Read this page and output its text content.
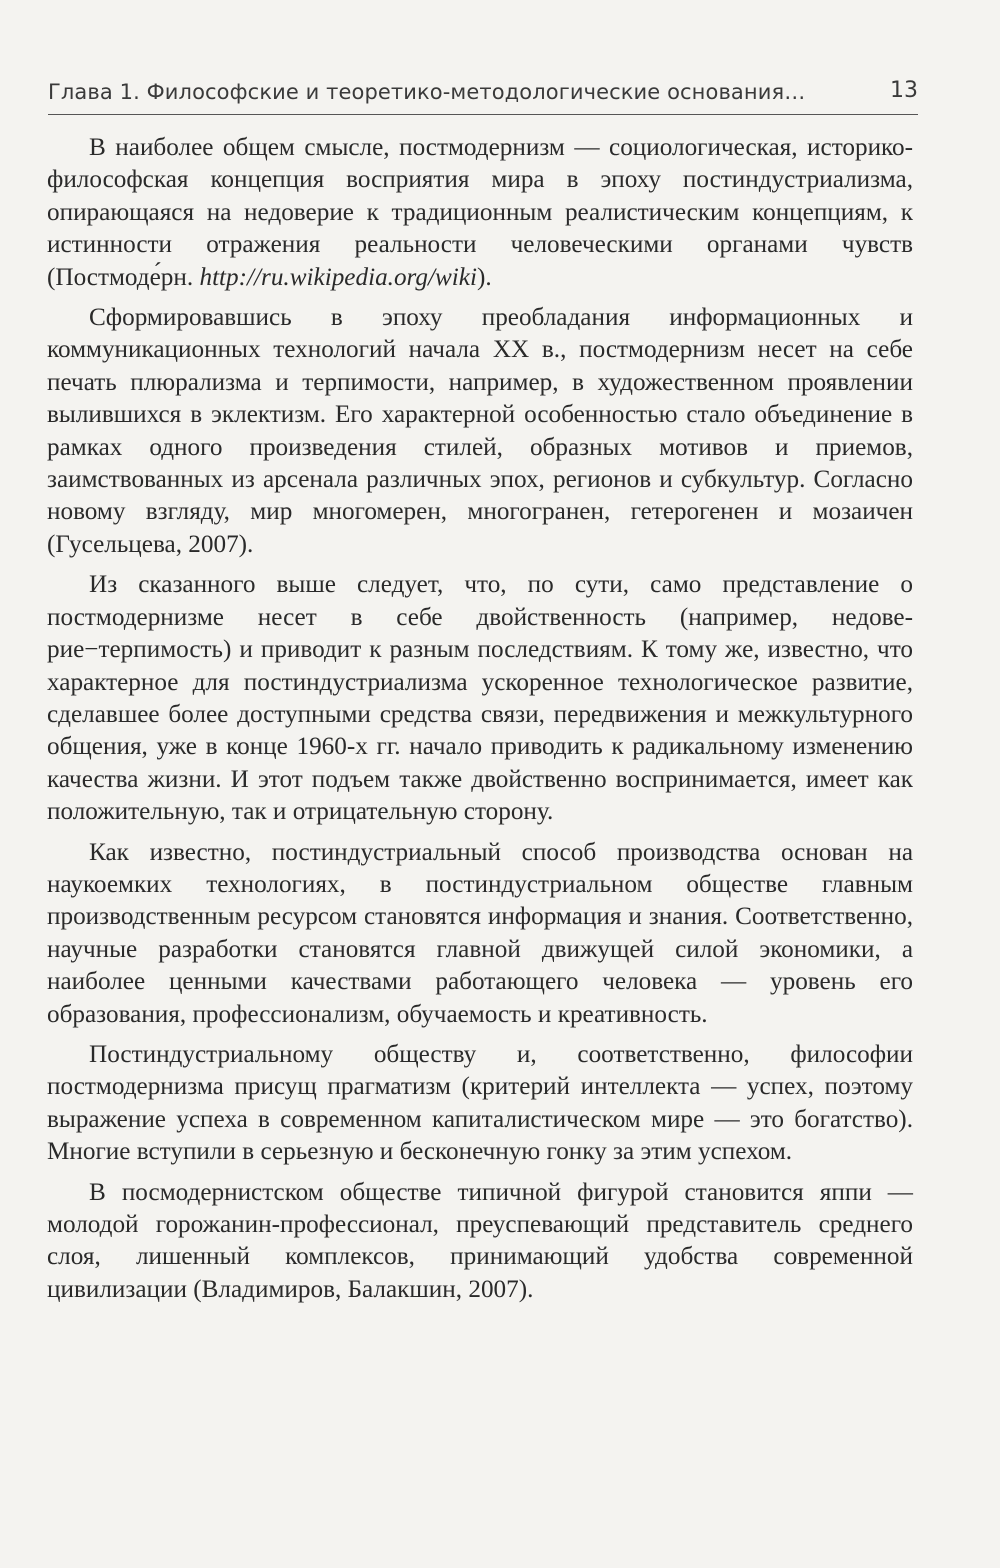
Глава 1. Философские и теоретико-методологические основания…	13

В наиболее общем смысле, постмодернизм — социологическая, историко-философская концепция восприятия мира в эпоху постиндустриализма, опирающаяся на недоверие к традиционным реалистическим концепциям, к истинности отражения реальности человеческими органами чувств (Постмоде́рн. http://ru.wikipedia.org/wiki).

Сформировавшись в эпоху преобладания информационных и коммуникационных технологий начала XX в., постмодернизм несет на себе печать плюрализма и терпимости, например, в художественном проявлении вылившихся в эклектизм. Его характерной особенностью стало объединение в рамках одного произведения стилей, образных мотивов и приемов, заимствованных из арсенала различных эпох, регионов и субкультур. Согласно новому взгляду, мир многомерен, многогранен, гетерогенен и мозаичен (Гусельцева, 2007).

Из сказанного выше следует, что, по сути, само представление о постмодернизме несет в себе двойственность (например, недоверие−терпимость) и приводит к разным последствиям. К тому же, известно, что характерное для постиндустриализма ускоренное технологическое развитие, сделавшее более доступными средства связи, передвижения и межкультурного общения, уже в конце 1960-х гг. начало приводить к радикальному изменению качества жизни. И этот подъем также двойственно воспринимается, имеет как положительную, так и отрицательную сторону.

Как известно, постиндустриальный способ производства основан на наукоемких технологиях, в постиндустриальном обществе главным производственным ресурсом становятся информация и знания. Соответственно, научные разработки становятся главной движущей силой экономики, а наиболее ценными качествами работающего человека — уровень его образования, профессионализм, обучаемость и креативность.

Постиндустриальному обществу и, соответственно, философии постмодернизма присущ прагматизм (критерий интеллекта — успех, поэтому выражение успеха в современном капиталистическом мире — это богатство). Многие вступили в серьезную и бесконечную гонку за этим успехом.

В посмодернистском обществе типичной фигурой становится яппи — молодой горожанин-профессионал, преуспевающий представитель среднего слоя, лишенный комплексов, принимающий удобства современной цивилизации (Владимиров, Балакшин, 2007).
